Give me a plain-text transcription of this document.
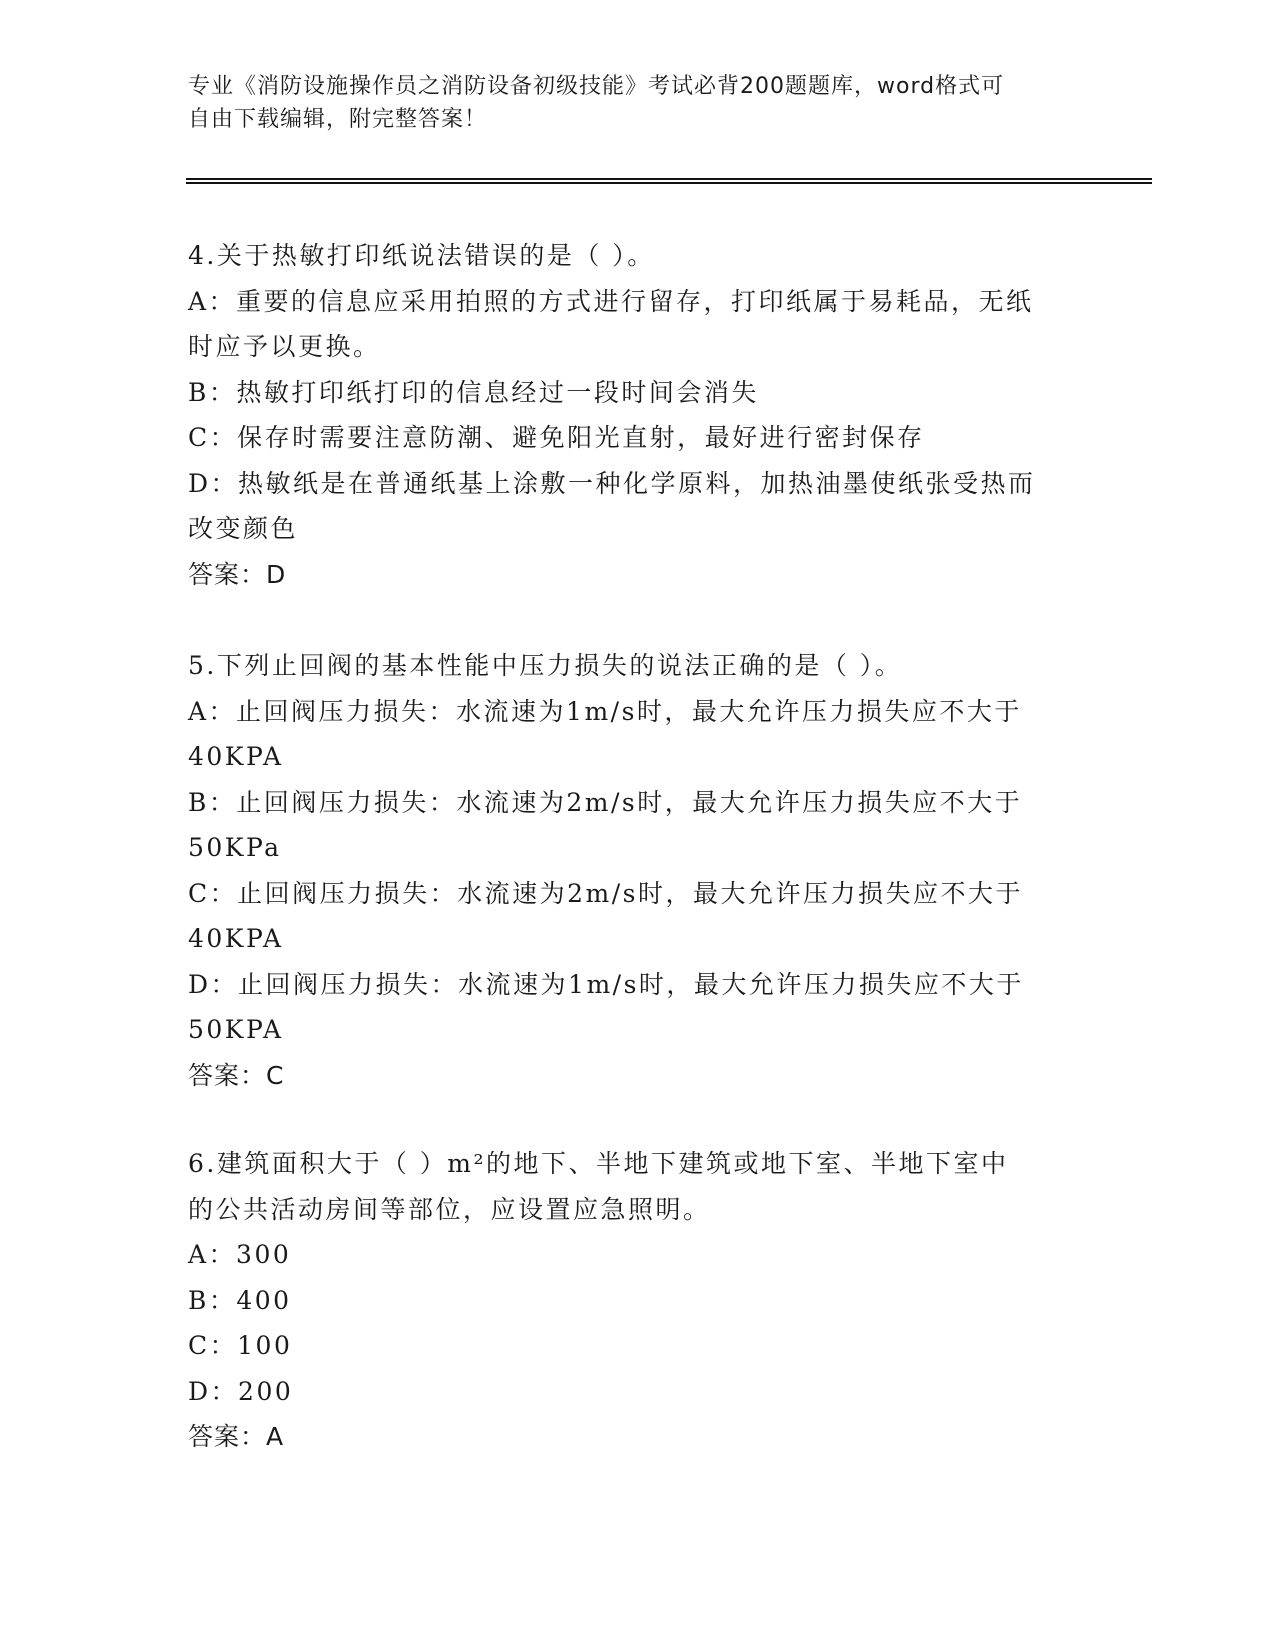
专业《消防设施操作员之消防设备初级技能》考试必背200题题库，word格式可
自由下载编辑，附完整答案！
4.关于热敏打印纸说法错误的是（ ）。
A：重要的信息应采用拍照的方式进行留存，打印纸属于易耗品，无纸
时应予以更换。
B：热敏打印纸打印的信息经过一段时间会消失
C：保存时需要注意防潮、避免阳光直射，最好进行密封保存
D：热敏纸是在普通纸基上涂敷一种化学原料，加热油墨使纸张受热而
改变颜色
答案：D
5.下列止回阀的基本性能中压力损失的说法正确的是（ ）。
A：止回阀压力损失：水流速为1m/s时，最大允许压力损失应不大于
40KPA
B：止回阀压力损失：水流速为2m/s时，最大允许压力损失应不大于
50KPa
C：止回阀压力损失：水流速为2m/s时，最大允许压力损失应不大于
40KPA
D：止回阀压力损失：水流速为1m/s时，最大允许压力损失应不大于
50KPA
答案：C
6.建筑面积大于（ ）m²的地下、半地下建筑或地下室、半地下室中
的公共活动房间等部位，应设置应急照明。
A：300
B：400
C：100
D：200
答案：A
